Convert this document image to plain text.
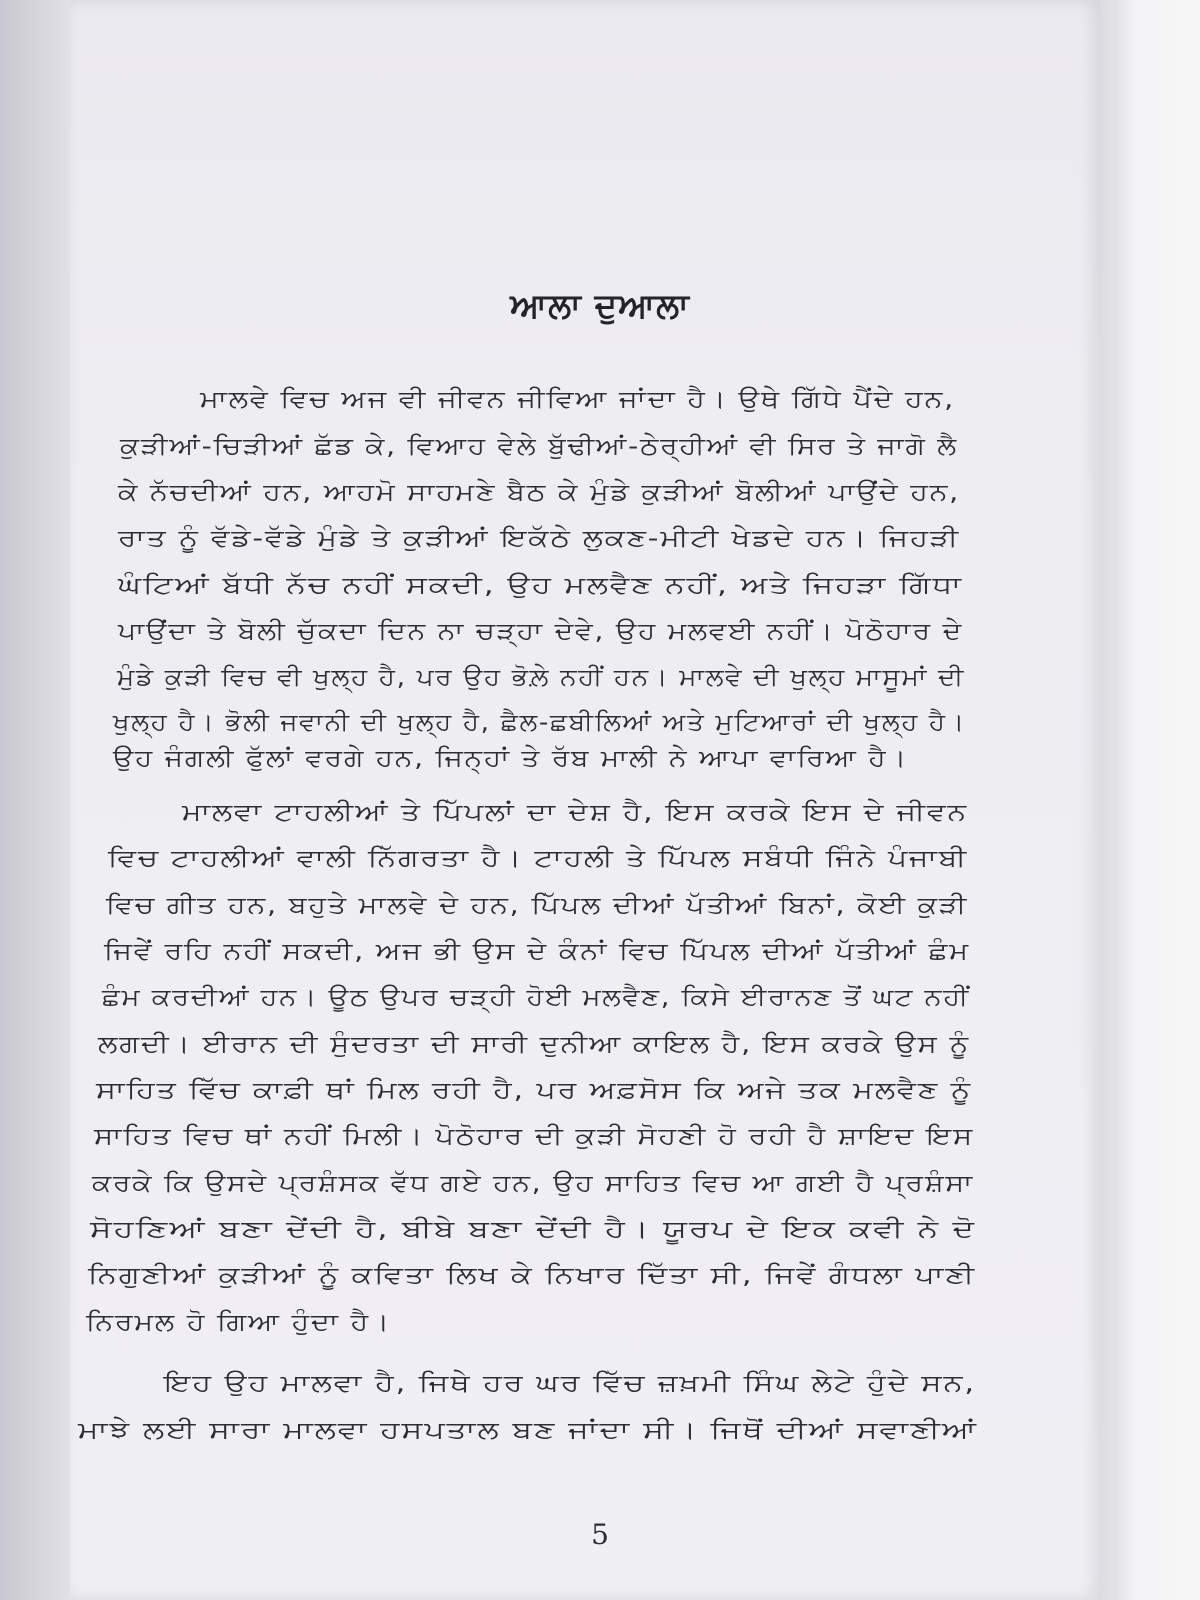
ਆਲਾ ਦੁਆਲਾ
ਮਾਲਵੇ ਵਿਚ ਅਜ ਵੀ ਜੀਵਨ ਜੀਵਿਆ ਜਾਂਦਾ ਹੈ। ਉਥੇ ਗਿੱਧੇ ਪੈਂਦੇ ਹਨ,
ਕੁੜੀਆਂ-ਚਿੜੀਆਂ ਛੱਡ ਕੇ, ਵਿਆਹ ਵੇਲੇ ਬੁੱਢੀਆਂ-ਠੇਰ੍ਹੀਆਂ ਵੀ ਸਿਰ ਤੇ ਜਾਗੋ ਲੈ
ਕੇ ਨੱਚਦੀਆਂ ਹਨ, ਆਹਮੋ ਸਾਹਮਣੇ ਬੈਠ ਕੇ ਮੁੰਡੇ ਕੁੜੀਆਂ ਬੋਲੀਆਂ ਪਾਉਂਦੇ ਹਨ,
ਰਾਤ ਨੂੰ ਵੱਡੇ-ਵੱਡੇ ਮੁੰਡੇ ਤੇ ਕੁੜੀਆਂ ਇਕੱਠੇ ਲੁਕਣ-ਮੀਟੀ ਖੇਡਦੇ ਹਨ। ਜਿਹੜੀ
ਘੰਟਿਆਂ ਬੱਧੀ ਨੱਚ ਨਹੀਂ ਸਕਦੀ, ਉਹ ਮਲਵੈਣ ਨਹੀਂ, ਅਤੇ ਜਿਹੜਾ ਗਿੱਧਾ
ਪਾਉਂਦਾ ਤੇ ਬੋਲੀ ਚੁੱਕਦਾ ਦਿਨ ਨਾ ਚੜ੍ਹਾ ਦੇਵੇ, ਉਹ ਮਲਵਈ ਨਹੀਂ। ਪੋਠੋਹਾਰ ਦੇ
ਮੁੰਡੇ ਕੁੜੀ ਵਿਚ ਵੀ ਖੁਲ੍ਹ ਹੈ, ਪਰ ਉਹ ਭੋਲ਼ੇ ਨਹੀਂ ਹਨ। ਮਾਲਵੇ ਦੀ ਖੁਲ੍ਹ ਮਾਸੂਮਾਂ ਦੀ
ਖੁਲ੍ਹ ਹੈ। ਭੋਲੀ ਜਵਾਨੀ ਦੀ ਖੁਲ੍ਹ ਹੈ, ਛੈਲ-ਛਬੀਲਿਆਂ ਅਤੇ ਮੁਟਿਆਰਾਂ ਦੀ ਖੁਲ੍ਹ ਹੈ।
ਉਹ ਜੰਗਲੀ ਫੁੱਲਾਂ ਵਰਗੇ ਹਨ, ਜਿਨ੍ਹਾਂ ਤੇ ਰੱਬ ਮਾਲੀ ਨੇ ਆਪਾ ਵਾਰਿਆ ਹੈ।
ਮਾਲਵਾ ਟਾਹਲੀਆਂ ਤੇ ਪਿੱਪਲਾਂ ਦਾ ਦੇਸ਼ ਹੈ, ਇਸ ਕਰਕੇ ਇਸ ਦੇ ਜੀਵਨ
ਵਿਚ ਟਾਹਲੀਆਂ ਵਾਲੀ ਨਿੱਗਰਤਾ ਹੈ। ਟਾਹਲੀ ਤੇ ਪਿੱਪਲ ਸਬੰਧੀ ਜਿੰਨੇ ਪੰਜਾਬੀ
ਵਿਚ ਗੀਤ ਹਨ, ਬਹੁਤੇ ਮਾਲਵੇ ਦੇ ਹਨ, ਪਿੱਪਲ ਦੀਆਂ ਪੱਤੀਆਂ ਬਿਨਾਂ, ਕੋਈ ਕੁੜੀ
ਜਿਵੇਂ ਰਹਿ ਨਹੀਂ ਸਕਦੀ, ਅਜ ਭੀ ਉਸ ਦੇ ਕੰਨਾਂ ਵਿਚ ਪਿੱਪਲ ਦੀਆਂ ਪੱਤੀਆਂ ਛੰਮ
ਛੰਮ ਕਰਦੀਆਂ ਹਨ। ਊਠ ਉਪਰ ਚੜ੍ਹੀ ਹੋਈ ਮਲਵੈਣ, ਕਿਸੇ ਈਰਾਨਣ ਤੋਂ ਘਟ ਨਹੀਂ
ਲਗਦੀ। ਈਰਾਨ ਦੀ ਸੁੰਦਰਤਾ ਦੀ ਸਾਰੀ ਦੁਨੀਆ ਕਾਇਲ ਹੈ, ਇਸ ਕਰਕੇ ਉਸ ਨੂੰ
ਸਾਹਿਤ ਵਿੱਚ ਕਾਫ਼ੀ ਥਾਂ ਮਿਲ ਰਹੀ ਹੈ, ਪਰ ਅਫ਼ਸੋਸ ਕਿ ਅਜੇ ਤਕ ਮਲਵੈਣ ਨੂੰ
ਸਾਹਿਤ ਵਿਚ ਥਾਂ ਨਹੀਂ ਮਿਲੀ। ਪੋਠੋਹਾਰ ਦੀ ਕੁੜੀ ਸੋਹਣੀ ਹੋ ਰਹੀ ਹੈ ਸ਼ਾਇਦ ਇਸ
ਕਰਕੇ ਕਿ ਉਸਦੇ ਪ੍ਰਸ਼ੰਸਕ ਵੱਧ ਗਏ ਹਨ, ਉਹ ਸਾਹਿਤ ਵਿਚ ਆ ਗਈ ਹੈ ਪ੍ਰਸ਼ੰਸਾ
ਸੋਹਣਿਆਂ ਬਣਾ ਦੇਂਦੀ ਹੈ, ਬੀਬੇ ਬਣਾ ਦੇਂਦੀ ਹੈ। ਯੂਰਪ ਦੇ ਇਕ ਕਵੀ ਨੇ ਦੋ
ਨਿਗੁਣੀਆਂ ਕੁੜੀਆਂ ਨੂੰ ਕਵਿਤਾ ਲਿਖ ਕੇ ਨਿਖਾਰ ਦਿੱਤਾ ਸੀ, ਜਿਵੇਂ ਗੰਧਲਾ ਪਾਣੀ
ਨਿਰਮਲ ਹੋ ਗਿਆ ਹੁੰਦਾ ਹੈ।
ਇਹ ਉਹ ਮਾਲਵਾ ਹੈ, ਜਿਥੇ ਹਰ ਘਰ ਵਿੱਚ ਜ਼ਖ਼ਮੀ ਸਿੰਘ ਲੇਟੇ ਹੁੰਦੇ ਸਨ,
ਮਾਝੇ ਲਈ ਸਾਰਾ ਮਾਲਵਾ ਹਸਪਤਾਲ ਬਣ ਜਾਂਦਾ ਸੀ। ਜਿਥੋਂ ਦੀਆਂ ਸਵਾਣੀਆਂ
5
